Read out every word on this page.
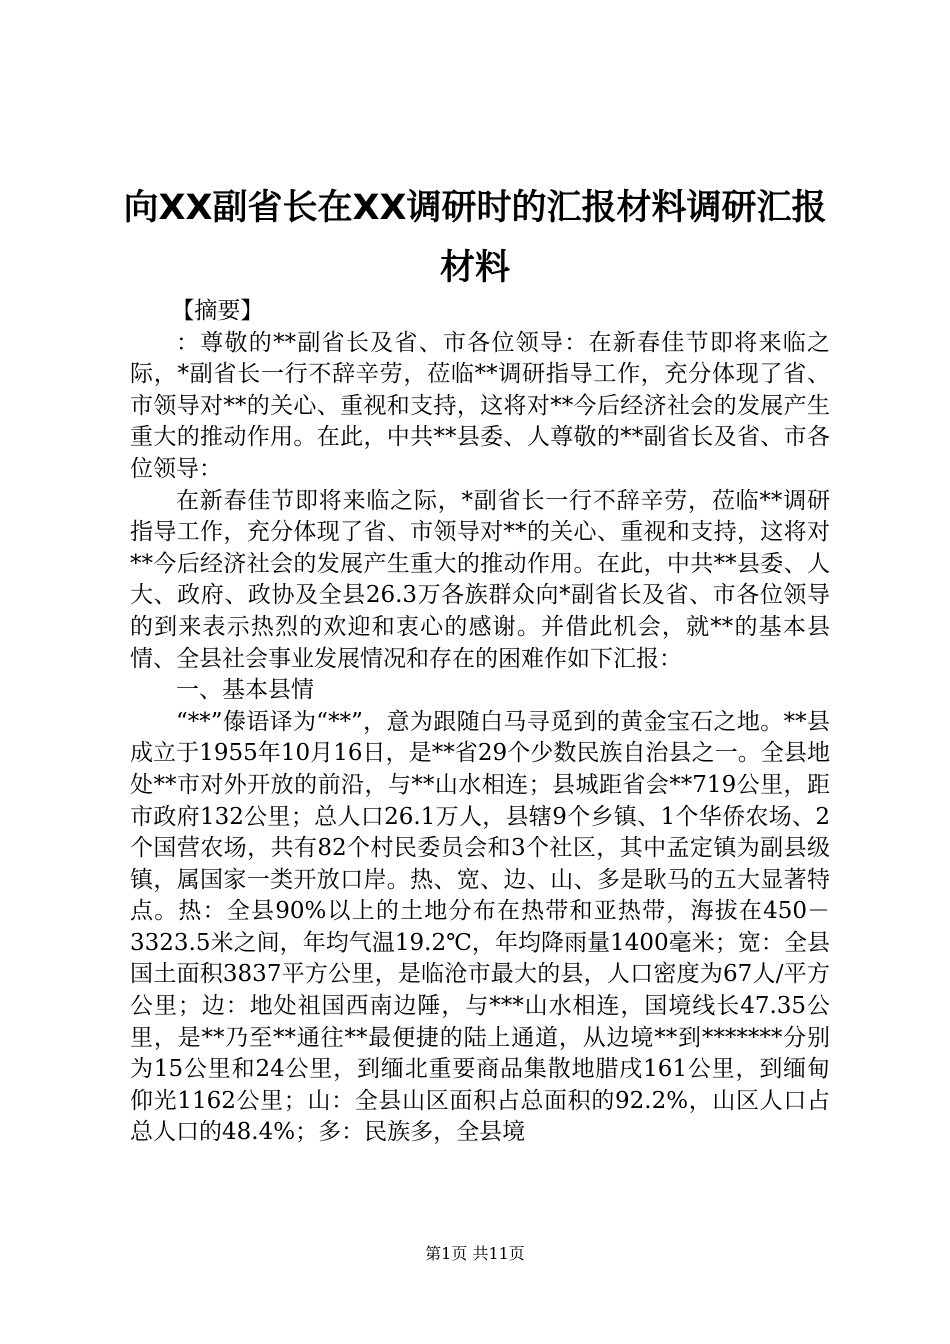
向XX副省长在XX调研时的汇报材料调研汇报材料

【摘要】

：尊敬的**副省长及省、市各位领导：在新春佳节即将来临之际，*副省长一行不辞辛劳，莅临**调研指导工作，充分体现了省、市领导对**的关心、重视和支持，这将对**今后经济社会的发展产生重大的推动作用。在此，中共**县委、人尊敬的**副省长及省、市各位领导：

在新春佳节即将来临之际，*副省长一行不辞辛劳，莅临**调研指导工作，充分体现了省、市领导对**的关心、重视和支持，这将对**今后经济社会的发展产生重大的推动作用。在此，中共**县委、人大、政府、政协及全县26.3万各族群众向*副省长及省、市各位领导的到来表示热烈的欢迎和衷心的感谢。并借此机会，就**的基本县情、全县社会事业发展情况和存在的困难作如下汇报：

一、基本县情

“**”傣语译为“**”，意为跟随白马寻觅到的黄金宝石之地。**县成立于1955年10月16日，是**省29个少数民族自治县之一。全县地处**市对外开放的前沿，与**山水相连；县城距省会**719公里，距市政府132公里；总人口26.1万人，县辖9个乡镇、1个华侨农场、2个国营农场，共有82个村民委员会和3个社区，其中孟定镇为副县级镇，属国家一类开放口岸。热、宽、边、山、多是耿马的五大显著特点。热：全县90%以上的土地分布在热带和亚热带，海拔在450－3323.5米之间，年均气温19.2℃，年均降雨量1400毫米；宽：全县国土面积3837平方公里，是临沧市最大的县，人口密度为67人/平方公里；边：地处祖国西南边陲，与***山水相连，国境线长47.35公里，是**乃至**通往**最便捷的陆上通道，从边境**到*******分别为15公里和24公里，到缅北重要商品集散地腊戌161公里，到缅甸仰光1162公里；山：全县山区面积占总面积的92.2%，山区人口占总人口的48.4%；多：民族多，全县境

第1页 共11页
